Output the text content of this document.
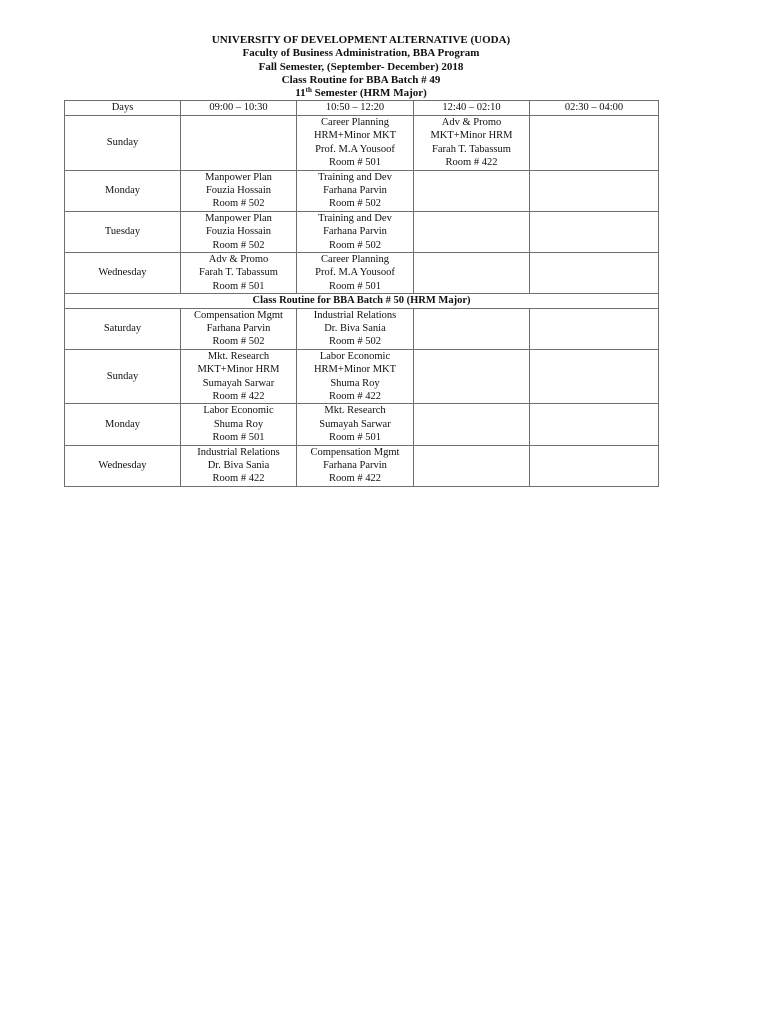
UNIVERSITY OF DEVELOPMENT ALTERNATIVE (UODA)
Faculty of Business Administration, BBA Program
Fall Semester, (September- December) 2018
Class Routine for BBA Batch # 49
11th Semester (HRM Major)
Days	09:00 – 10:30	10:50 – 12:20	12:40 – 02:10	02:30 – 04:00
Sunday		Career Planning
HRM+Minor MKT
Prof. M.A Yousoof
Room # 501	Adv & Promo
MKT+Minor HRM
Farah T. Tabassum
Room # 422	

Monday	Manpower Plan
Fouzia Hossain
Room # 502	Training and Dev
Farhana Parvin
Room # 502		

Tuesday	Manpower Plan
Fouzia Hossain
Room # 502	Training and Dev
Farhana Parvin
Room # 502		

Wednesday	Adv & Promo
Farah T. Tabassum
Room # 501	Career Planning
Prof. M.A Yousoof
Room # 501		

Class Routine for BBA Batch # 50 (HRM Major)				
Saturday	Compensation Mgmt
Farhana Parvin
Room # 502	Industrial Relations
Dr. Biva Sania
Room # 502		

Sunday	Mkt. Research
MKT+Minor HRM
Sumayah Sarwar
Room # 422	Labor Economic
HRM+Minor MKT
Shuma Roy
Room # 422		

Monday	Labor Economic
Shuma Roy
Room # 501	Mkt. Research
Sumayah Sarwar
Room # 501		

Wednesday	Industrial Relations
Dr. Biva Sania
Room # 422	Compensation Mgmt
Farhana Parvin
Room # 422		
